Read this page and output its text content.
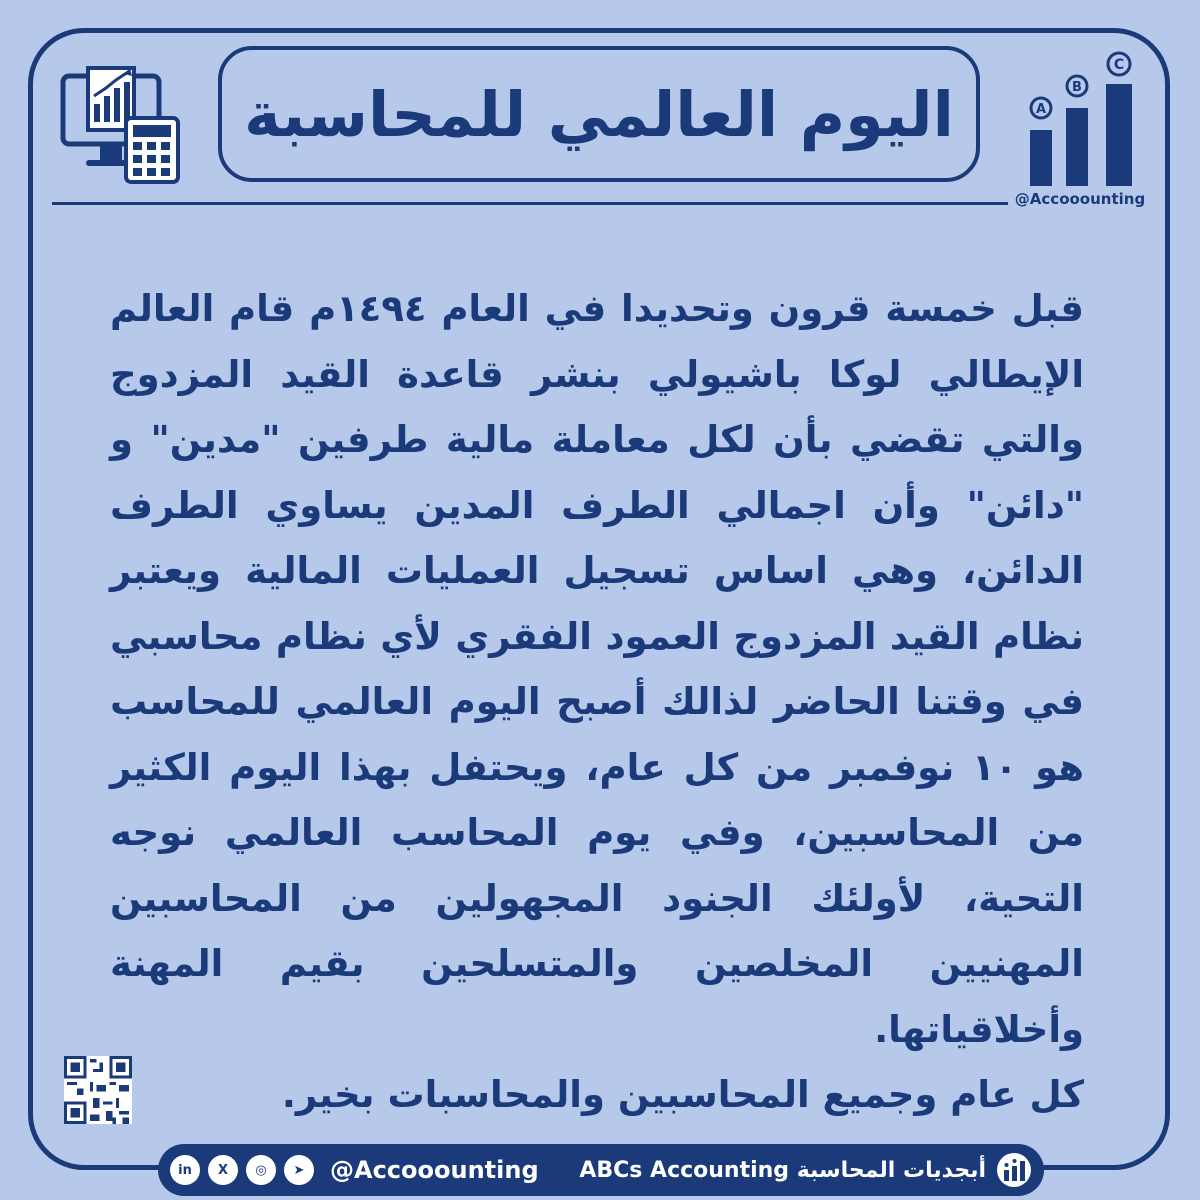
اليوم العالمي للمحاسبة	A
B
C
@Accooounting

قبل خمسة قرون وتحديدا في العام ١٤٩٤م قام العالم الإيطالي لوكا باشيولي بنشر قاعدة القيد المزدوج والتي تقضي بأن لكل معاملة مالية طرفين "مدين" و "دائن" وأن اجمالي الطرف المدين يساوي الطرف الدائن، وهي اساس تسجيل العمليات المالية ويعتبر نظام القيد المزدوج العمود الفقري لأي نظام محاسبي في وقتنا الحاضر لذالك أصبح اليوم العالمي للمحاسب هو ١٠ نوفمبر من كل عام، ويحتفل بهذا اليوم الكثير من المحاسبين، وفي يوم المحاسب العالمي نوجه التحية، لأولئك الجنود المجهولين من المحاسبين المهنيين المخلصين والمتسلحين بقيم المهنة وأخلاقياتها.

كل عام وجميع المحاسبين والمحاسبات بخير.

in	X	◎	➤	@Accooounting ABCs Accounting أبجديات المحاسبة
